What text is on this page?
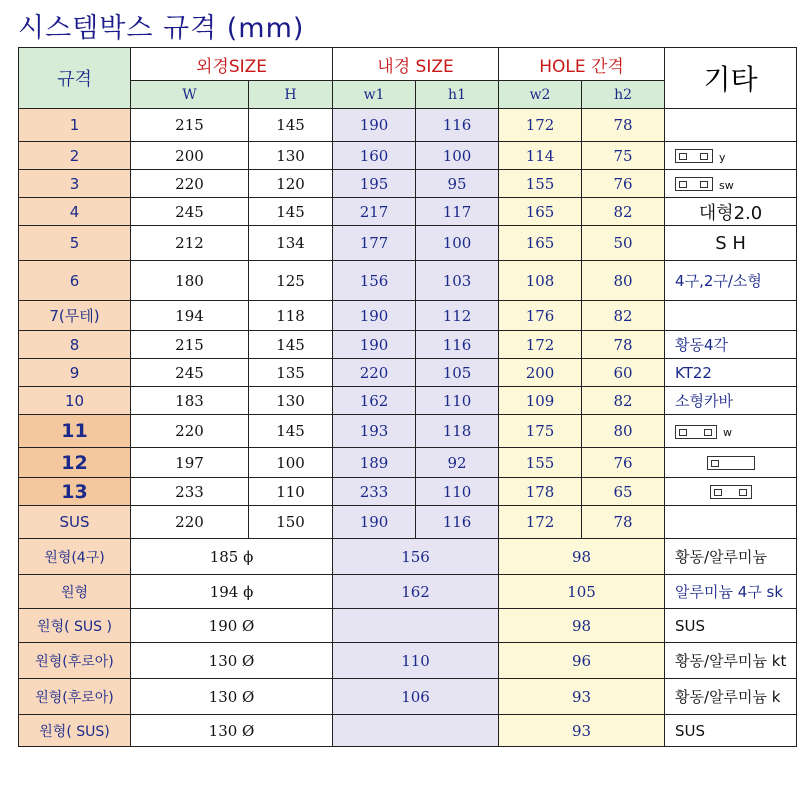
시스템박스 규격 (mm)
규격	외경SIZE		내경 SIZE		HOLE 간격		기타
	W	H	w1	h1	w2	h2	
1	215	145	190	116	172	78	
2	200	130	160	100	114	75	y
3	220	120	195	95	155	76	sw
4	245	145	217	117	165	82	대형2.0
5	212	134	177	100	165	50	S H
6	180	125	156	103	108	80	4구,2구/소형
7(무테)	194	118	190	112	176	82	
8	215	145	190	116	172	78	황동4각
9	245	135	220	105	200	60	KT22
10	183	130	162	110	109	82	소형카바
11	220	145	193	118	175	80	w
12	197	100	189	92	155	76	

13	233	110	233	110	178	65	

SUS	220	150	190	116	172	78	
원형(4구)	185 ϕ		156		98		황동/알루미늄
원형	194 ϕ		162		105		알루미늄 4구 sk
원형( SUS )	190 Ø				98		SUS
원형(후로아)	130 Ø		110		96		황동/알루미늄 kt
원형(후로아)	130 Ø		106		93		황동/알루미늄 k
원형( SUS)	130 Ø				93		SUS
